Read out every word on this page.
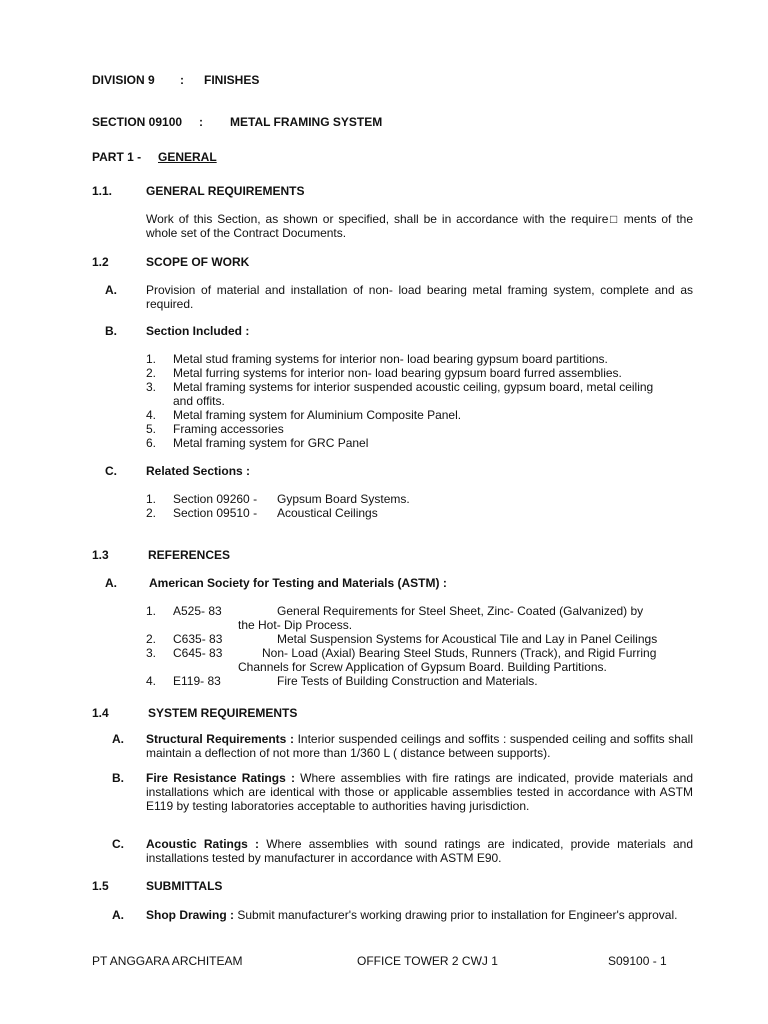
DIVISION 9 : FINISHES
SECTION 09100 : METAL FRAMING SYSTEM
PART 1 - GENERAL
1.1.	GENERAL REQUIREMENTS
Work of this Section, as shown or specified, shall be in accordance with the require□ ments of the whole set of the Contract Documents.
1.2	SCOPE OF WORK
A. Provision of material and installation of non- load bearing metal framing system, complete and as required.
B. Section Included :
1. Metal stud framing systems for interior non- load bearing gypsum board partitions.
2. Metal furring systems for interior non- load bearing gypsum board furred assemblies.
3. Metal framing systems for interior suspended acoustic ceiling, gypsum board, metal ceiling
and offits.
4. Metal framing system for Aluminium Composite Panel.
5. Framing accessories
6. Metal framing system for GRC Panel
C. Related Sections :
1. Section 09260 - Gypsum Board Systems.
2. Section 09510 - Acoustical Ceilings
1.3	REFERENCES
A.	American Society for Testing and Materials (ASTM) :
1. A525- 83	General Requirements for Steel Sheet, Zinc- Coated (Galvanized) by
the Hot- Dip Process.
2. C635- 83	Metal Suspension Systems for Acoustical Tile and Lay in Panel Ceilings
3. C645- 83	Non- Load (Axial) Bearing Steel Studs, Runners (Track), and Rigid Furring
Channels for Screw Application of Gypsum Board. Building Partitions.
4. E119- 83	Fire Tests of Building Construction and Materials.
1.4	SYSTEM REQUIREMENTS
A. Structural Requirements : Interior suspended ceilings and soffits : suspended ceiling and soffits shall maintain a deflection of not more than 1/360 L ( distance between supports).
B. Fire Resistance Ratings : Where assemblies with fire ratings are indicated, provide materials and installations which are identical with those or applicable assemblies tested in accordance with ASTM E119 by testing laboratories acceptable to authorities having jurisdiction.
C. Acoustic Ratings : Where assemblies with sound ratings are indicated, provide materials and installations tested by manufacturer in accordance with ASTM E90.
1.5	SUBMITTALS
A. Shop Drawing : Submit manufacturer's working drawing prior to installation for Engineer's approval.
PT ANGGARA ARCHITEAM	OFFICE TOWER 2 CWJ 1	S09100 - 1
